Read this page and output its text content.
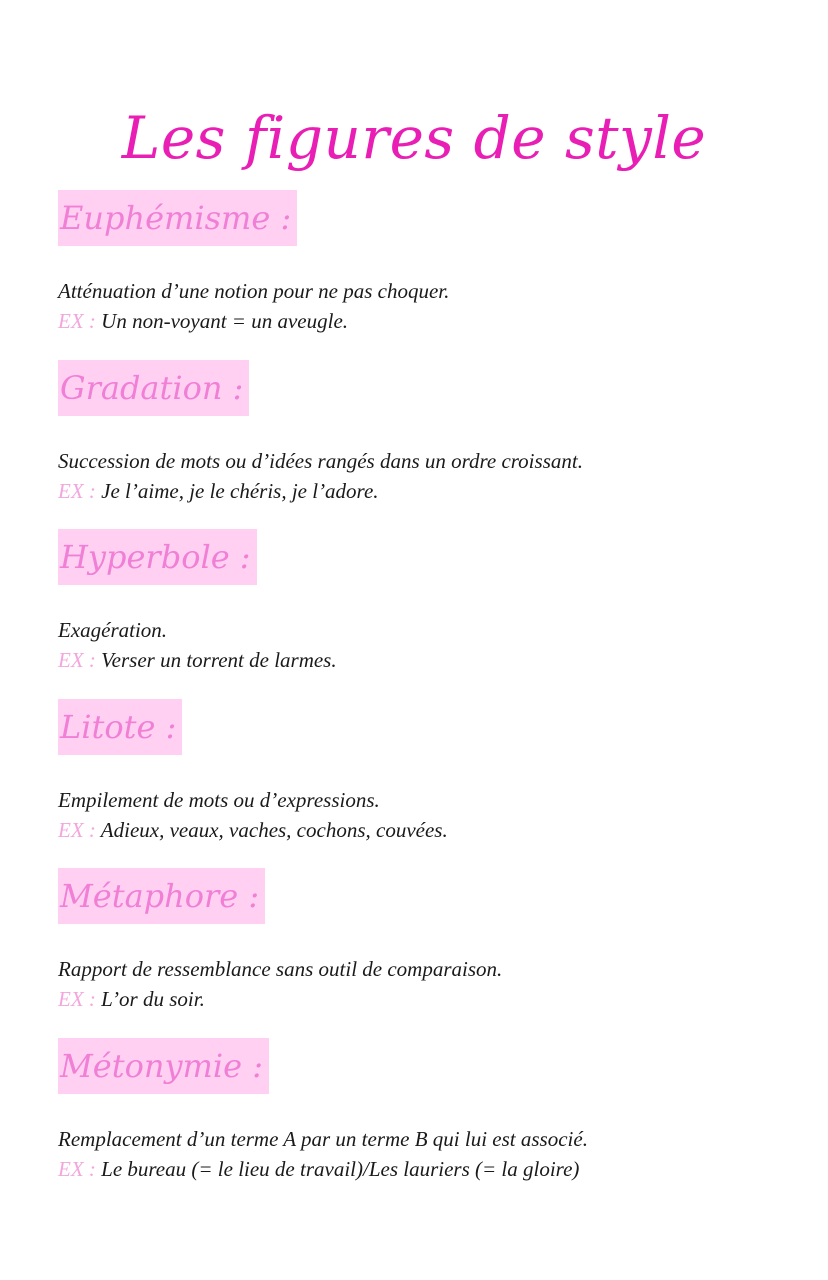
Les figures de style
Euphémisme :
Atténuation d’une notion pour ne pas choquer.
EX : Un non-voyant = un aveugle.
Gradation :
Succession de mots ou d’idées rangés dans un ordre croissant.
EX : Je l’aime, je le chéris, je l’adore.
Hyperbole :
Exagération.
EX : Verser un torrent de larmes.
Litote :
Empilement de mots ou d’expressions.
EX : Adieux, veaux, vaches, cochons, couvées.
Métaphore :
Rapport de ressemblance sans outil de comparaison.
EX : L’or du soir.
Métonymie :
Remplacement d’un terme A par un terme B qui lui est associé.
EX : Le bureau (= le lieu de travail)/Les lauriers (= la gloire)
